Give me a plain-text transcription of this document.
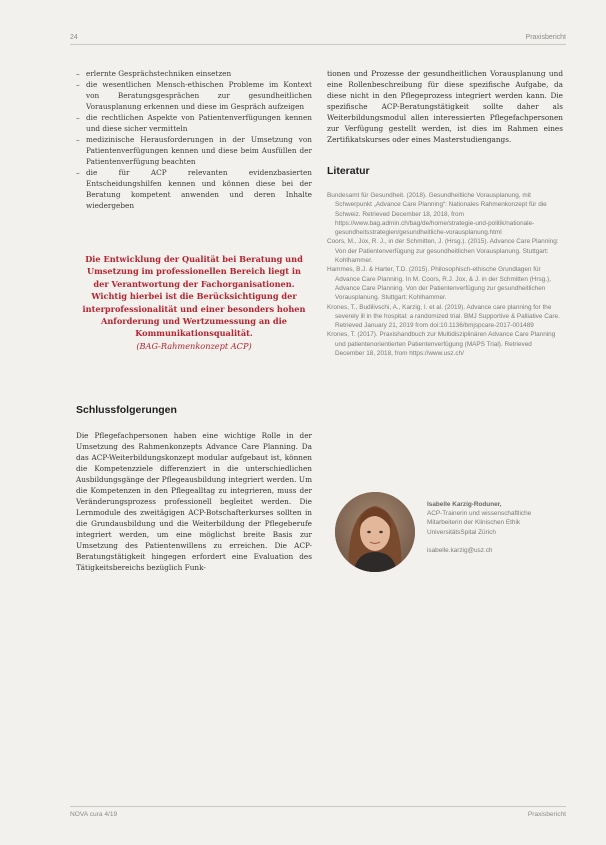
24	Praxisbericht
– erlernte Gesprächstechniken einsetzen
– die wesentlichen Mensch-ethischen Probleme im Kontext von Beratungsgesprächen zur gesundheitlichen Vorausplanung erkennen und diese im Gespräch aufzeigen
– die rechtlichen Aspekte von Patientenverfügungen kennen und diese sicher vermitteln
– medizinische Herausforderungen in der Umsetzung von Patientenverfügungen kennen und diese beim Ausfüllen der Patientenverfügung beachten
– die für ACP relevanten evidenzbasierten Entscheidungshilfen kennen und können diese bei der Beratung kompetent anwenden und deren Inhalte wiedergeben
Die Entwicklung der Qualität bei Beratung und Umsetzung im professionellen Bereich liegt in der Verantwortung der Fachorganisationen. Wichtig hierbei ist die Berücksichtigung der interprofessionalität und einer besonders hohen Anforderung und Wertzumessung an die Kommunikationsqualität.
(BAG-Rahmenkonzept ACP)
Schlussfolgerungen

Die Pflegefachpersonen haben eine wichtige Rolle in der Umsetzung des Rahmenkonzepts Advance Care Planning. Da das ACP-Weiterbildungskonzept modular aufgebaut ist, können die Kompetenzziele differenziert in die unterschiedlichen Ausbildungsgänge der Pflegeausbildung integriert werden. Um die Kompetenzen in den Pflegealltag zu integrieren, muss der Veränderungsprozess professionell begleitet werden. Die Lernmodule des zweitägigen ACP-Botschafterkurses sollten in die Grundausbildung und die Weiterbildung der Pflegeberufe integriert werden, um eine möglichst breite Basis zur Umsetzung des Patientenwillens zu erreichen. Die ACP-Beratungstätigkeit hingegen erfordert eine Evaluation des Tätigkeitsbereichs bezüglich Funk-

tionen und Prozesse der gesundheitlichen Vorausplanung und eine Rollenbeschreibung für diese spezifische Aufgabe, da diese nicht in den Pflegeprozess integriert werden kann. Die spezifische ACP-Beratungstätigkeit sollte daher als Weiterbildungsmodul allen interessierten Pflegefachpersonen zur Verfügung gestellt werden, ist dies im Rahmen eines Zertifikatskurses oder eines Masterstudiengangs.

Literatur
Bundesamt für Gesundheit. (2018). Gesundheitliche Vorausplanung, mit Schwerpunkt „Advance Care Planning“: Nationales Rahmenkonzept für die Schweiz. Retrieved December 18, 2018, from https://www.bag.admin.ch/bag/de/home/strategie-und-politik/nationale-gesundheitsstrategien/gesundheitliche-vorausplanung.html
Coors, M., Jox, R. J., in der Schmitten, J. (Hrsg.). (2015). Advance Care Planning: Von der Patientenverfügung zur gesundheitlichen Vorausplanung. Stuttgart: Kohlhammer.
Hammes, B.J. & Harter, T.D. (2015). Philosophisch-ethische Grundlagen für Advance Care Planning. In M. Coors, R.J. Jox, & J. in der Schmitten (Hrsg.), Advance Care Planning. Von der Patientenverfügung zur gesundheitlichen Vorausplanung. Stuttgart: Kohlhammer.
Krones, T., Budilivschi, A., Karzig, I. et al. (2019). Advance care planning for the severely ill in the hospital: a randomized trial. BMJ Supportive & Palliative Care. Retrieved January 21, 2019 from doi:10.1136/bmjspcare-2017-001489
Krones, T. (2017). Praxishandbuch zur Multidisziplinären Advance Care Planning und patientenorientierten Patientenverfügung (MAPS Trial). Retrieved December 18, 2018, from https://www.usz.ch/
Isabelle Karzig-Roduner,
ACP-Trainerin und wissenschaftliche Mitarbeiterin der Klinischen Ethik
UniversitätsSpital Zürich
isabelle.karzig@usz.ch
NOVA cura 4/19	Praxisbericht
